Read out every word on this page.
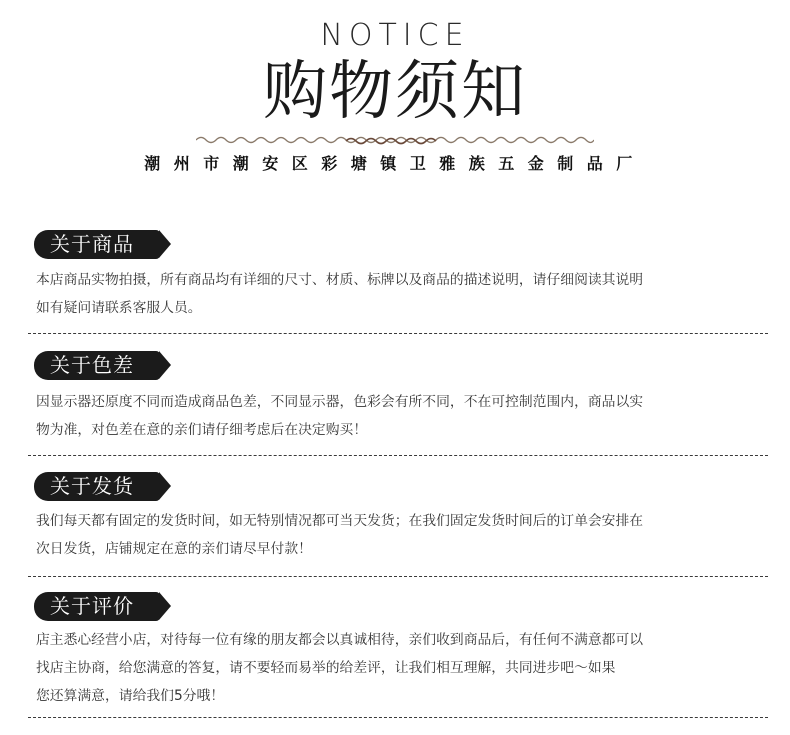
NOTICE
购物须知
潮州市潮安区彩塘镇卫雅族五金制品厂
关于商品
本店商品实物拍摄，所有商品均有详细的尺寸、材质、标牌以及商品的描述说明，请仔细阅读其说明
如有疑问请联系客服人员。
关于色差
因显示器还原度不同而造成商品色差，不同显示器，色彩会有所不同，不在可控制范围内，商品以实
物为准，对色差在意的亲们请仔细考虑后在决定购买！
关于发货
我们每天都有固定的发货时间，如无特别情况都可当天发货；在我们固定发货时间后的订单会安排在
次日发货，店铺规定在意的亲们请尽早付款！
关于评价
店主悉心经营小店，对待每一位有缘的朋友都会以真诚相待，亲们收到商品后，有任何不满意都可以
找店主协商，给您满意的答复，请不要轻而易举的给差评，让我们相互理解，共同进步吧～如果
您还算满意，请给我们5分哦！
